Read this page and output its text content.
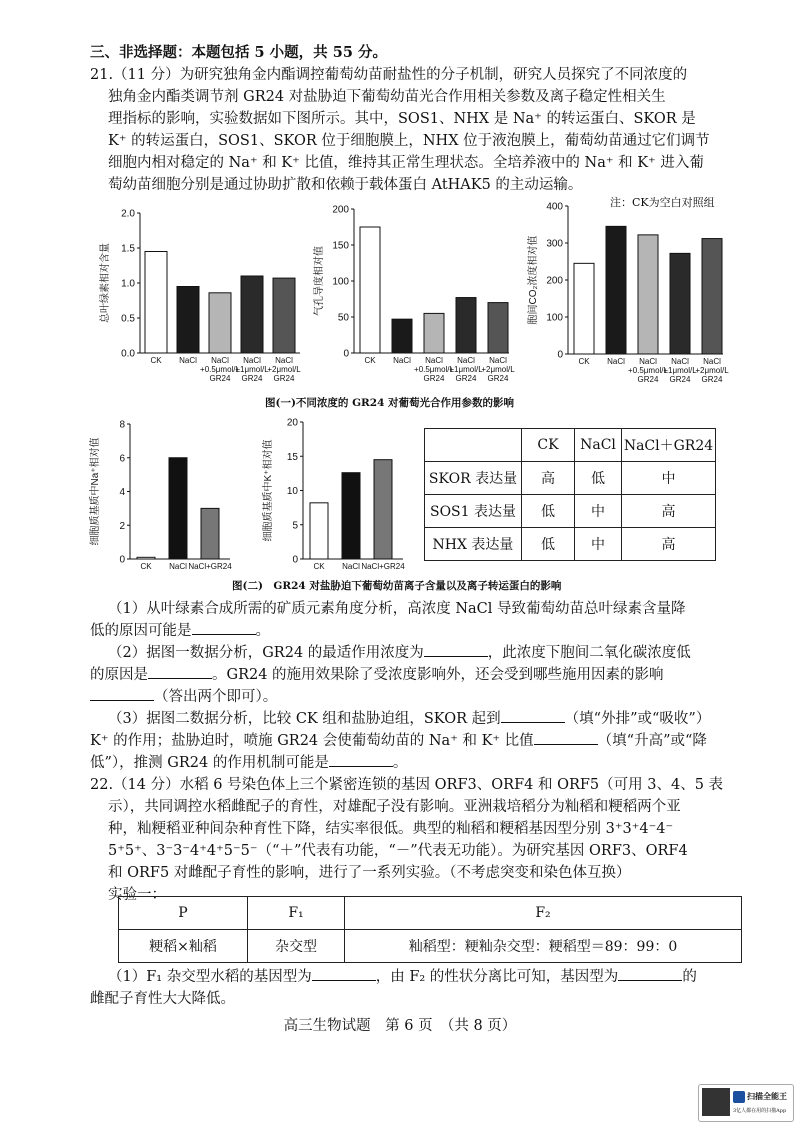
三、非选择题：本题包括 5 小题，共 55 分。
21.（11 分）为研究独角金内酯调控葡萄幼苗耐盐性的分子机制，研究人员探究了不同浓度的
独角金内酯类调节剂 GR24 对盐胁迫下葡萄幼苗光合作用相关参数及离子稳定性相关生
理指标的影响，实验数据如下图所示。其中，SOS1、NHX 是 Na⁺ 的转运蛋白、SKOR 是
K⁺ 的转运蛋白，SOS1、SKOR 位于细胞膜上，NHX 位于液泡膜上，葡萄幼苗通过它们调节
细胞内相对稳定的 Na⁺ 和 K⁺ 比值，维持其正常生理状态。全培养液中的 Na⁺ 和 K⁺ 进入葡
萄幼苗细胞分别是通过协助扩散和依赖于载体蛋白 AtHAK5 的主动运输。
注：CK为空白对照组
0.0
0.5
1.0
1.5
2.0
总叶绿素相对含量
CK NaCl NaCl
+0.5μmol/L
GR24
NaCl
+1μmol/L
GR24
NaCl
+2μmol/L
GR24
0
50
100
150
200
气孔导度相对值
CK NaCl NaCl
+0.5μmol/L
GR24
NaCl
+1μmol/L
GR24
NaCl
+2μmol/L
GR24
0
100
200
300
400
胞间CO₂浓度相对值
CK NaCl NaCl
+0.5μmol/L
GR24
NaCl
+1μmol/L
GR24
NaCl
+2μmol/L
GR24
0
2
4
6
8
细胞质基质中Na⁺相对值
CK NaCl NaCl+GR24
0
5
10
15
20
细胞质基质中K⁺相对值
CK NaCl NaCl+GR24
图(一)不同浓度的 GR24 对葡萄光合作用参数的影响
图(二)　GR24 对盐胁迫下葡萄幼苗离子含量以及离子转运蛋白的影响
	CK	NaCl	NaCl＋GR24
SKOR 表达量	高	低	中
SOS1 表达量	低	中	高
NHX 表达量	低	中	高
（1）从叶绿素合成所需的矿质元素角度分析，高浓度 NaCl 导致葡萄幼苗总叶绿素含量降
低的原因可能是	。
（2）据图一数据分析，GR24 的最适作用浓度为	，此浓度下胞间二氧化碳浓度低
的原因是	。GR24 的施用效果除了受浓度影响外，还会受到哪些施用因素的影响
（答出两个即可）。
（3）据图二数据分析，比较 CK 组和盐胁迫组，SKOR 起到	（填“外排”或“吸收”）
K⁺ 的作用；盐胁迫时，喷施 GR24 会使葡萄幼苗的 Na⁺ 和 K⁺ 比值	（填“升高”或“降
低”），推测 GR24 的作用机制可能是	。
22.（14 分）水稻 6 号染色体上三个紧密连锁的基因 ORF3、ORF4 和 ORF5（可用 3、4、5 表
示），共同调控水稻雌配子的育性，对雄配子没有影响。亚洲栽培稻分为籼稻和粳稻两个亚
种，籼粳稻亚种间杂种育性下降，结实率很低。典型的籼稻和粳稻基因型分别 3⁺3⁺4⁻4⁻
5⁺5⁺、3⁻3⁻4⁺4⁺5⁻5⁻（“＋”代表有功能，“－”代表无功能）。为研究基因 ORF3、ORF4
和 ORF5 对雌配子育性的影响，进行了一系列实验。（不考虑突变和染色体互换）
实验一：
P	F₁	F₂
粳稻×籼稻	杂交型	籼稻型：粳籼杂交型：粳稻型＝89：99：0
（1）F₁ 杂交型水稻的基因型为	，由 F₂ 的性状分离比可知，基因型为	的
雌配子育性大大降低。
高三生物试题　第 6 页　（共 8 页）
扫描全能王
3亿人都在用的扫描App
